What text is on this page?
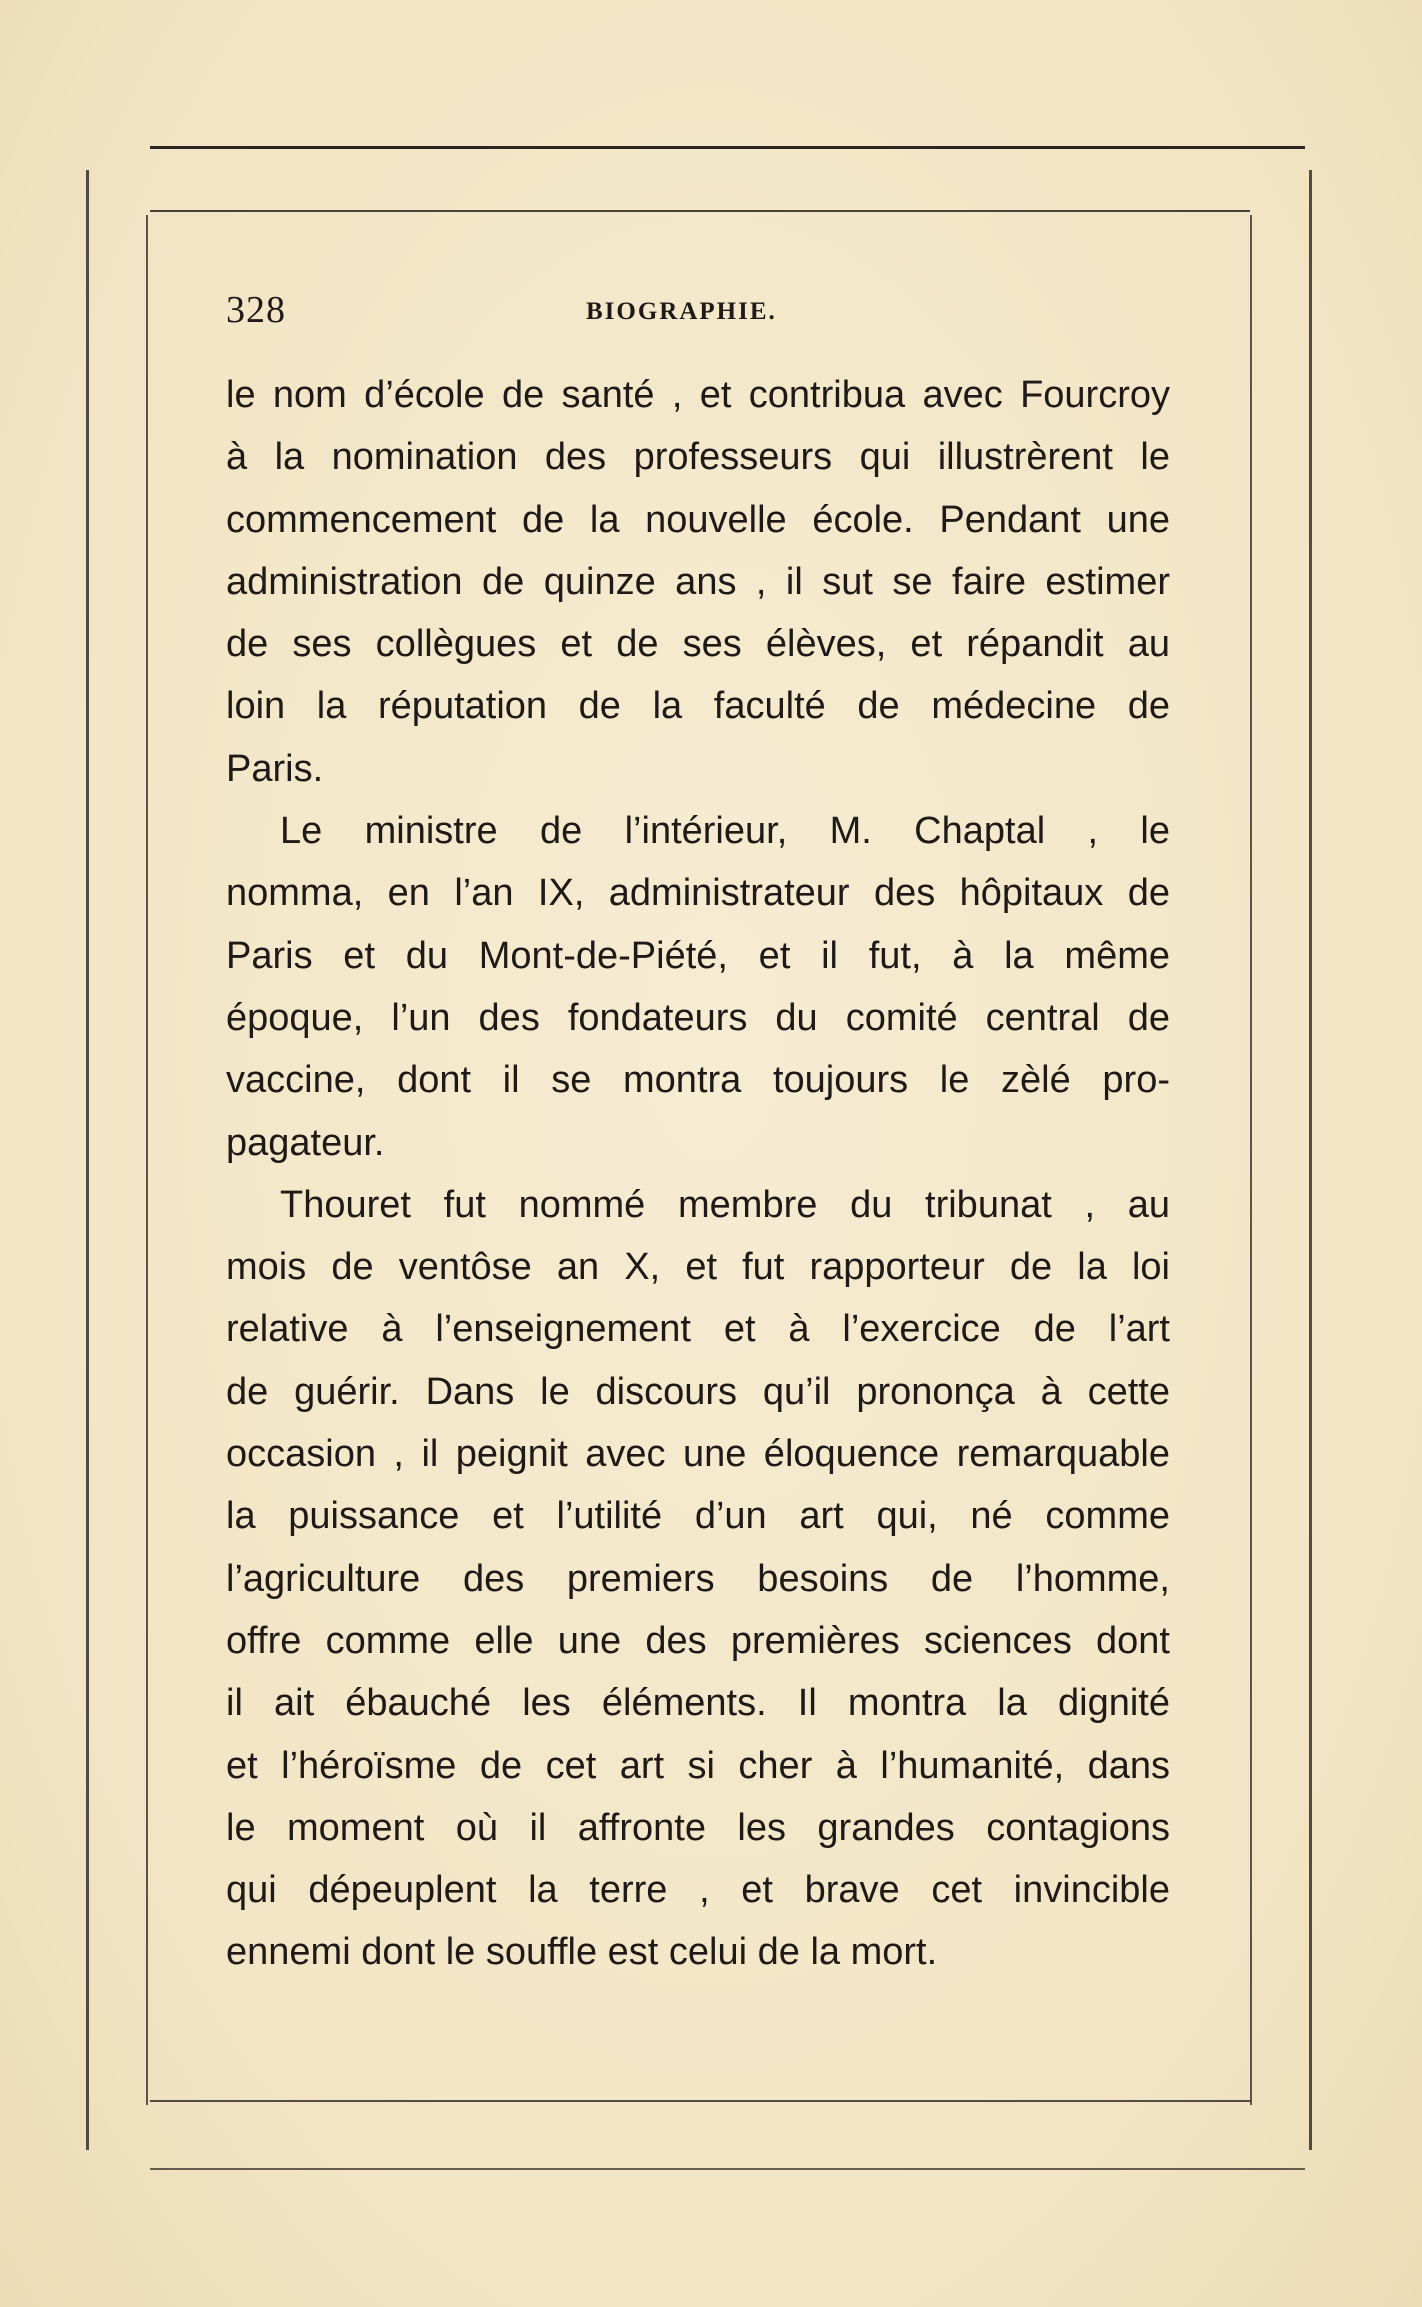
328	BIOGRAPHIE.
le nom d’école de santé , et contribua avec Fourcroy
à la nomination des professeurs qui illustrèrent le
commencement de la nouvelle école. Pendant une
administration de quinze ans , il sut se faire estimer
de ses collègues et de ses élèves, et répandit au
loin la réputation de la faculté de médecine de
Paris.
Le ministre de l’intérieur, M. Chaptal , le
nomma, en l’an IX, administrateur des hôpitaux de
Paris et du Mont-de-Piété, et il fut, à la même
époque, l’un des fondateurs du comité central de
vaccine, dont il se montra toujours le zèlé pro-
pagateur.
Thouret fut nommé membre du tribunat , au
mois de ventôse an X, et fut rapporteur de la loi
relative à l’enseignement et à l’exercice de l’art
de guérir. Dans le discours qu’il prononça à cette
occasion , il peignit avec une éloquence remarquable
la puissance et l’utilité d’un art qui, né comme
l’agriculture des premiers besoins de l’homme,
offre comme elle une des premières sciences dont
il ait ébauché les éléments. Il montra la dignité
et l’héroïsme de cet art si cher à l’humanité, dans
le moment où il affronte les grandes contagions
qui dépeuplent la terre , et brave cet invincible
ennemi dont le souffle est celui de la mort.
